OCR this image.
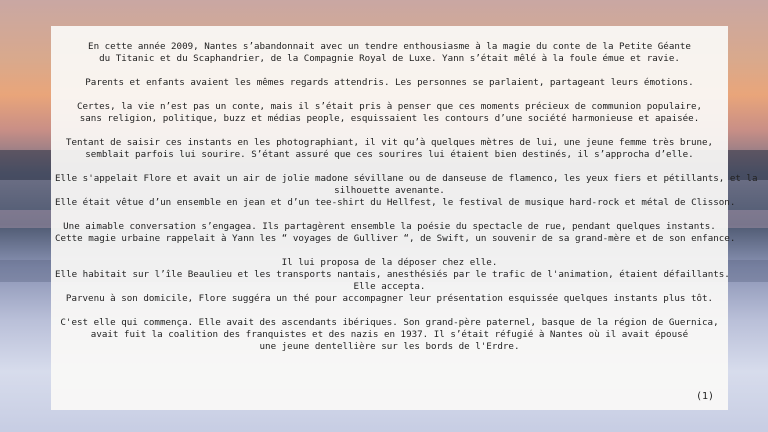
En cette année 2009, Nantes s’abandonnait avec un tendre enthousiasme à la magie du conte de la Petite Géante
du Titanic et du Scaphandrier, de la Compagnie Royal de Luxe. Yann s’était mêlé à la foule émue et ravie.

Parents et enfants avaient les mêmes regards attendris. Les personnes se parlaient, partageant leurs émotions.

Certes, la vie n’est pas un conte, mais il s’était pris à penser que ces moments précieux de communion populaire,
sans religion, politique, buzz et médias people, esquissaient les contours d’une société harmonieuse et apaisée.

Tentant de saisir ces instants en les photographiant, il vit qu’à quelques mètres de lui, une jeune femme très brune,
semblait parfois lui sourire. S’étant assuré que ces sourires lui étaient bien destinés, il s’approcha d’elle.

Elle s'appelait Flore et avait un air de jolie madone sévillane ou de danseuse de flamenco, les yeux fiers et pétillants, et la
silhouette avenante.
Elle était vêtue d’un ensemble en jean et d’un tee-shirt du Hellfest, le festival de musique hard-rock et métal de Clisson.

Une aimable conversation s’engagea. Ils partagèrent ensemble la poésie du spectacle de rue, pendant quelques instants.
Cette magie urbaine rappelait à Yann les “ voyages de Gulliver “, de Swift, un souvenir de sa grand-mère et de son enfance.

Il lui proposa de la déposer chez elle.
Elle habitait sur l’île Beaulieu et les transports nantais, anesthésiés par le trafic de l'animation, étaient défaillants.
Elle accepta.
Parvenu à son domicile, Flore suggéra un thé pour accompagner leur présentation esquissée quelques instants plus tôt.

C'est elle qui commença. Elle avait des ascendants ibériques. Son grand-père paternel, basque de la région de Guernica,
avait fuit la coalition des franquistes et des nazis en 1937. Il s’était réfugié à Nantes où il avait épousé
une jeune dentellière sur les bords de l'Erdre.

(1)
